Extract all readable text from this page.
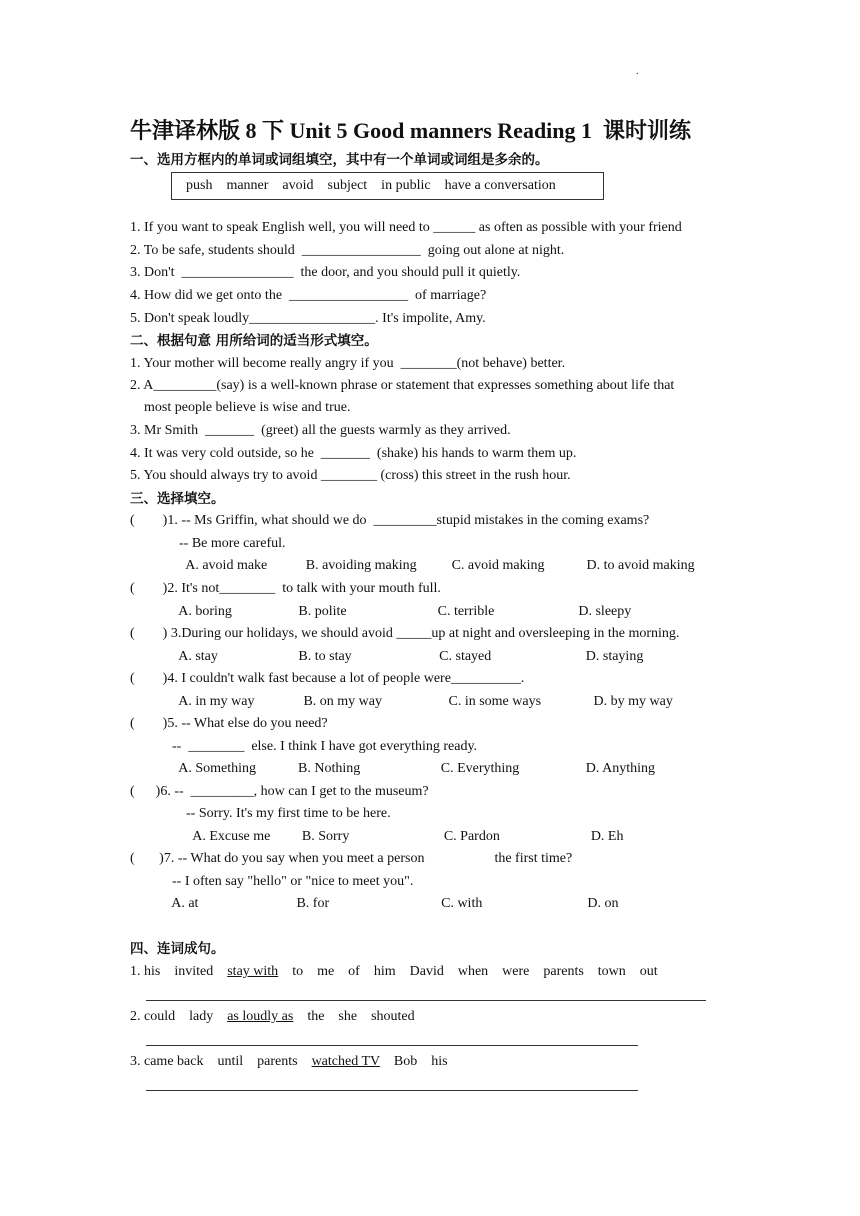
.
牛津译林版 8 下 Unit 5 Good manners Reading 1  课时训练
一、选用方框内的单词或词组填空，其中有一个单词或词组是多余的。
push    manner    avoid    subject    in public    have a conversation
1. If you want to speak English well, you will need to ______ as often as possible with your friend
2. To be safe, students should  _________________  going out alone at night.
3. Don't  ________________  the door, and you should pull it quietly.
4. How did we get onto the  _________________  of marriage?
5. Don't speak loudly__________________. It's impolite, Amy.
二、根据句意 用所给词的适当形式填空。
1. Your mother will become really angry if you  ________(not behave) better.
2. A_________(say) is a well-known phrase or statement that expresses something about life that
most people believe is wise and true.
3. Mr Smith  _______  (greet) all the guests warmly as they arrived.
4. It was very cold outside, so he  _______  (shake) his hands to warm them up.
5. You should always try to avoid ________ (cross) this street in the rush hour.
三、选择填空。
(        )1. -- Ms Griffin, what should we do  _________stupid mistakes in the coming exams?
-- Be more careful.
A. avoid make           B. avoiding making          C. avoid making            D. to avoid making
(        )2. It's not________  to talk with your mouth full.
A. boring                   B. polite                          C. terrible                        D. sleepy
(        ) 3.During our holidays, we should avoid _____up at night and oversleeping in the morning.
A. stay                       B. to stay                         C. stayed                           D. staying
(        )4. I couldn't walk fast because a lot of people were__________.
A. in my way              B. on my way                   C. in some ways               D. by my way
(        )5. -- What else do you need?
--  ________  else. I think I have got everything ready.
A. Something            B. Nothing                       C. Everything                   D. Anything
(      )6. --  _________, how can I get to the museum?
-- Sorry. It's my first time to be here.
A. Excuse me         B. Sorry                           C. Pardon                          D. Eh
(       )7. -- What do you say when you meet a person                    the first time?
-- I often say "hello" or "nice to meet you".
A. at                            B. for                                C. with                              D. on
四、连词成句。
1. his    invited    stay with    to    me    of    him    David    when    were    parents    town    out
2. could    lady    as loudly as    the    she    shouted
3. came back    until    parents    watched TV    Bob    his
